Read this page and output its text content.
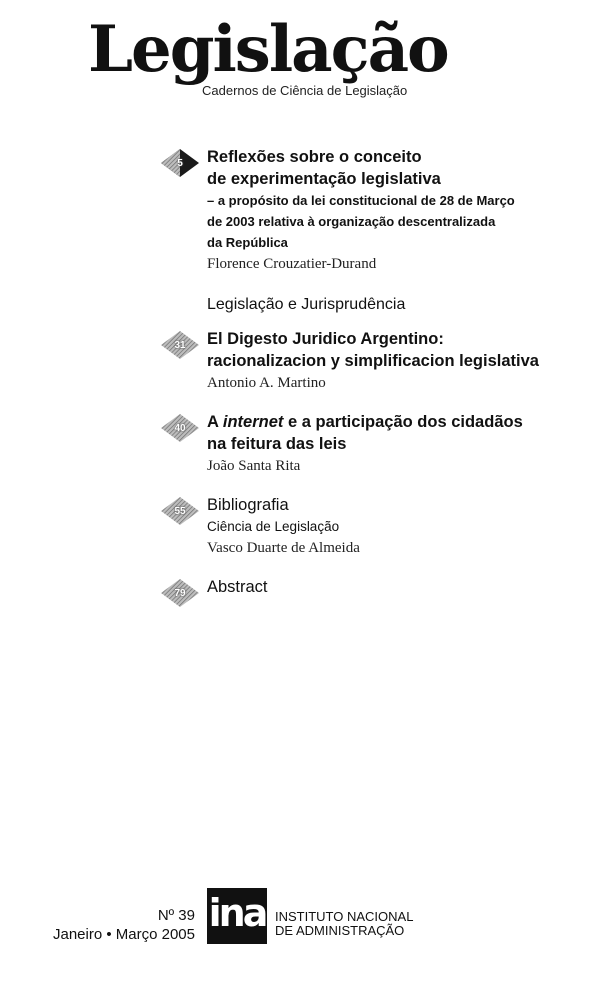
Legislação
Cadernos de Ciência de Legislação
5 Reflexões sobre o conceito
de experimentação legislativa
– a propósito da lei constitucional de 28 de Março
de 2003 relativa à organização descentralizada
da República
Florence Crouzatier-Durand
Legislação e Jurisprudência
31 El Digesto Juridico Argentino:
racionalizacion y simplificacion legislativa
Antonio A. Martino
40 A internet e a participação dos cidadãos
na feitura das leis
João Santa Rita
55 Bibliografia
Ciência de Legislação
Vasco Duarte de Almeida
79 Abstract
Nº 39
Janeiro • Março 2005 ina INSTITUTO NACIONAL
DE ADMINISTRAÇÃO
